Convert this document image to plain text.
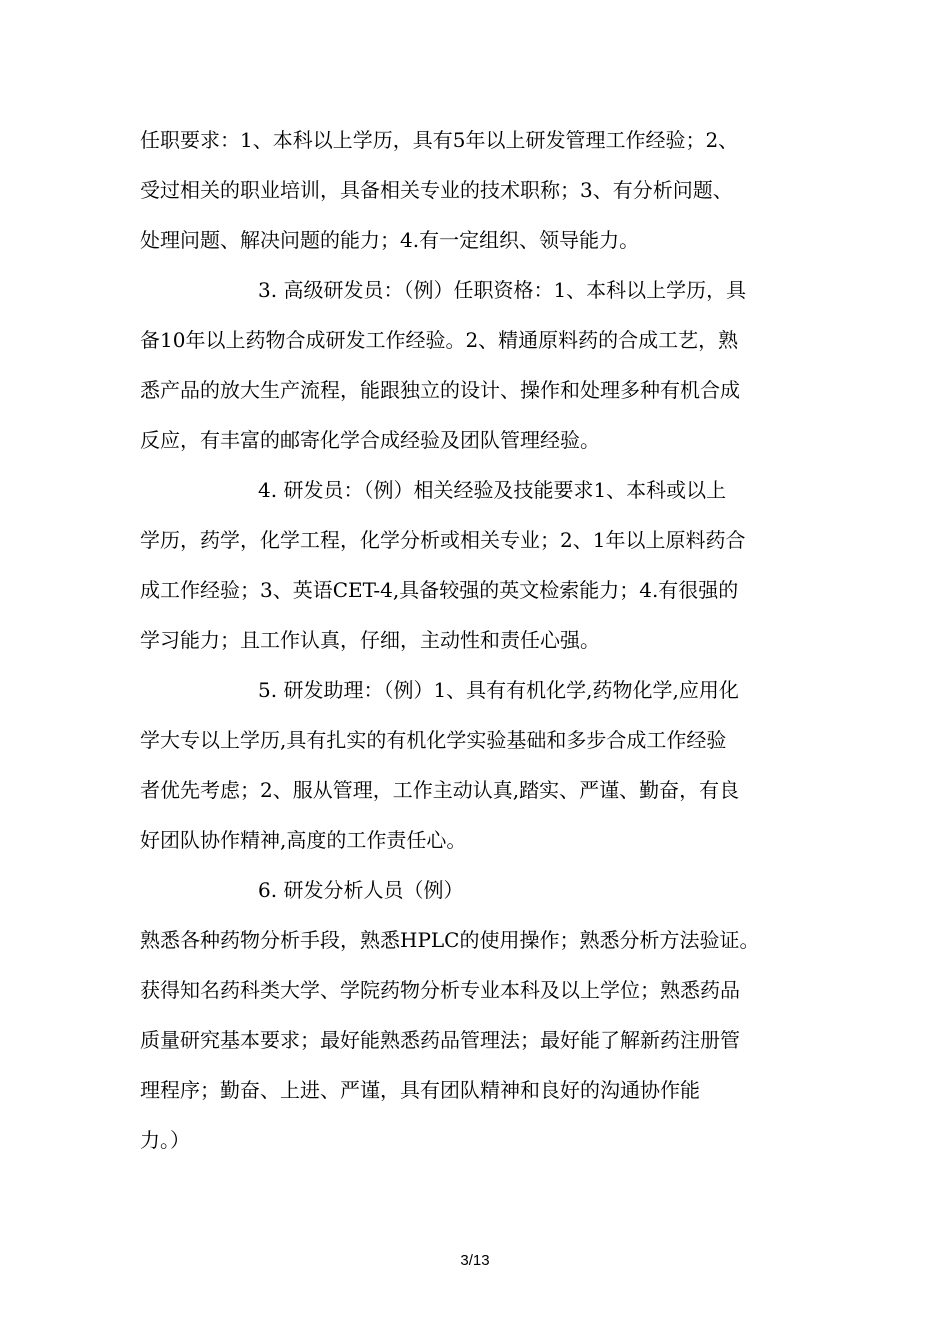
任职要求：1、本科以上学历，具有5年以上研发管理工作经验；2、
受过相关的职业培训，具备相关专业的技术职称；3、有分析问题、
处理问题、解决问题的能力；4.有一定组织、领导能力。
3. 高级研发员：（例）任职资格：1、本科以上学历，具
备10年以上药物合成研发工作经验。2、精通原料药的合成工艺，熟
悉产品的放大生产流程，能跟独立的设计、操作和处理多种有机合成
反应，有丰富的邮寄化学合成经验及团队管理经验。
4. 研发员：（例）相关经验及技能要求1、本科或以上
学历，药学，化学工程，化学分析或相关专业；2、1年以上原料药合
成工作经验；3、英语CET-4,具备较强的英文检索能力；4.有很强的
学习能力；且工作认真，仔细，主动性和责任心强。
5. 研发助理：（例）1、具有有机化学,药物化学,应用化
学大专以上学历,具有扎实的有机化学实验基础和多步合成工作经验
者优先考虑；2、服从管理，工作主动认真,踏实、严谨、勤奋，有良
好团队协作精神,高度的工作责任心。
6. 研发分析人员（例）
熟悉各种药物分析手段，熟悉HPLC的使用操作；熟悉分析方法验证。
获得知名药科类大学、学院药物分析专业本科及以上学位；熟悉药品
质量研究基本要求；最好能熟悉药品管理法；最好能了解新药注册管
理程序；勤奋、上进、严谨，具有团队精神和良好的沟通协作能
力。）
3/13
